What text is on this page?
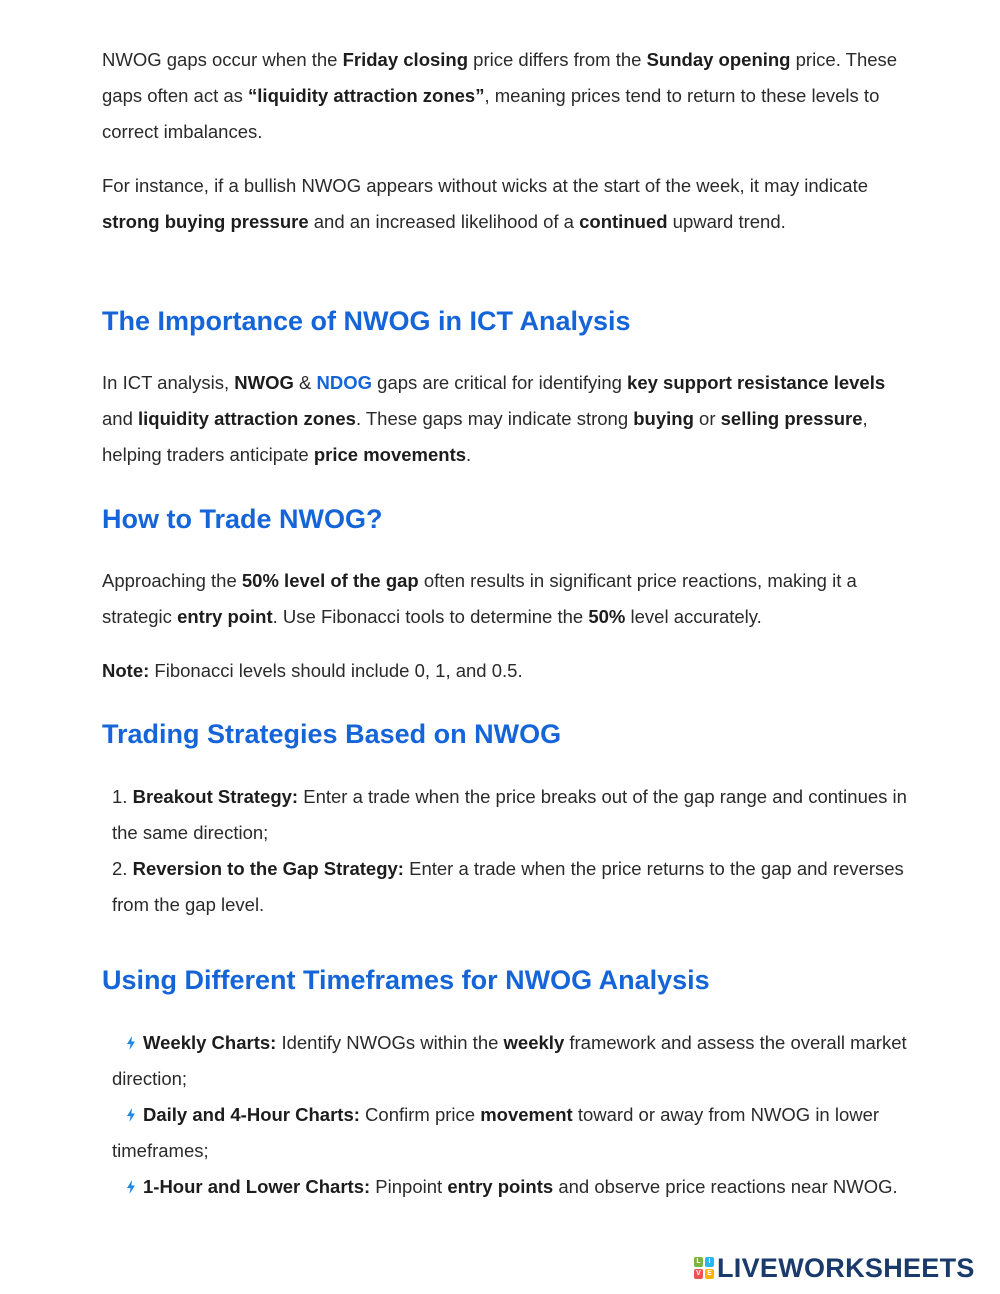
NWOG gaps occur when the Friday closing price differs from the Sunday opening price. These gaps often act as “liquidity attraction zones”, meaning prices tend to return to these levels to correct imbalances.

For instance, if a bullish NWOG appears without wicks at the start of the week, it may indicate strong buying pressure and an increased likelihood of a continued upward trend.

The Importance of NWOG in ICT Analysis

In ICT analysis, NWOG & NDOG gaps are critical for identifying key support resistance levels and liquidity attraction zones. These gaps may indicate strong buying or selling pressure, helping traders anticipate price movements.

How to Trade NWOG?

Approaching the 50% level of the gap often results in significant price reactions, making it a strategic entry point. Use Fibonacci tools to determine the 50% level accurately.

Note: Fibonacci levels should include 0, 1, and 0.5.

Trading Strategies Based on NWOG
1. Breakout Strategy: Enter a trade when the price breaks out of the gap range and continues in the same direction;
2. Reversion to the Gap Strategy: Enter a trade when the price returns to the gap and reverses from the gap level.
Using Different Timeframes for NWOG Analysis
Weekly Charts: Identify NWOGs within the weekly framework and assess the overall market direction;
Daily and 4-Hour Charts: Confirm price movement toward or away from NWOG in lower timeframes;
1-Hour and Lower Charts: Pinpoint entry points and observe price reactions near NWOG.
L	I
V E LIVEWORKSHEETS
